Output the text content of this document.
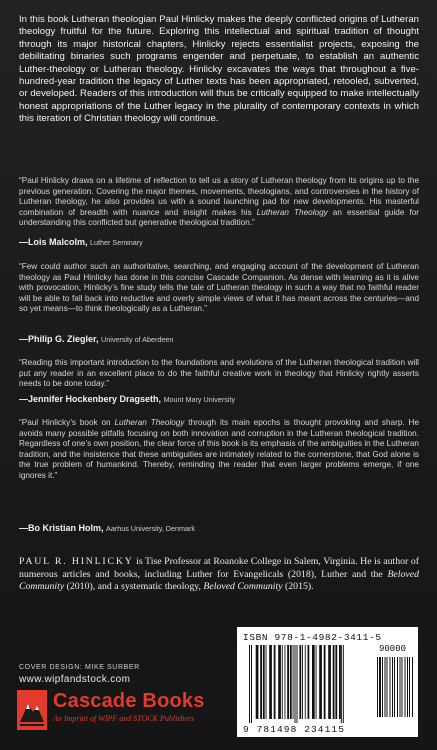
In this book Lutheran theologian Paul Hinlicky makes the deeply conflicted origins of Lutheran theology fruitful for the future. Exploring this intellectual and spiritual tradition of thought through its major historical chapters, Hinlicky rejects essentialist projects, exposing the debilitating binaries such programs engender and perpetuate, to establish an authentic Luther-theology or Lutheran theology. Hinlicky excavates the ways that throughout a five-hundred-year tradition the legacy of Luther texts has been appropriated, retooled, subverted, or developed. Readers of this introduction will thus be critically equipped to make intellectually honest appropriations of the Luther legacy in the plurality of contemporary contexts in which this iteration of Christian theology will continue.

“Paul Hinlicky draws on a lifetime of reflection to tell us a story of Lutheran theology from its origins up to the previous generation. Covering the major themes, movements, theologians, and controversies in the history of Lutheran theology, he also provides us with a sound launching pad for new developments. His masterful combination of breadth with nuance and insight makes his Lutheran Theology an essential guide for understanding this conflicted but generative theological tradition.”

—Lois Malcolm, Luther Seminary

“Few could author such an authoritative, searching, and engaging account of the development of Lutheran theology as Paul Hinlicky has done in this concise Cascade Companion. As dense with learning as it is alive with provocation, Hinlicky’s fine study tells the tale of Lutheran theology in such a way that no faithful reader will be able to fall back into reductive and overly simple views of what it has meant across the centuries—and so yet means—to think theologically as a Lutheran.”

—Philip G. Ziegler, University of Aberdeen

“Reading this important introduction to the foundations and evolutions of the Lutheran theological tradition will put any reader in an excellent place to do the faithful creative work in theology that Hinlicky rightly asserts needs to be done today.”

—Jennifer Hockenbery Dragseth, Mount Mary University

“Paul Hinlicky’s book on Lutheran Theology through its main epochs is thought provoking and sharp. He avoids many possible pitfalls focusing on both innovation and corruption in the Lutheran theological tradition. Regardless of one’s own position, the clear force of this book is its emphasis of the ambiguities in the Lutheran tradition, and the insistence that these ambiguities are intimately related to the cornerstone, that God alone is the true problem of humankind. Thereby, reminding the reader that even larger problems emerge, if one ignores it.”

—Bo Kristian Holm, Aarhus University, Denmark

PAUL R. HINLICKY is Tise Professor at Roanoke College in Salem, Virginia. He is author of numerous articles and books, including Luther for Evangelicals (2018), Luther and the Beloved Community (2010), and a systematic theology, Beloved Community (2015).

COVER DESIGN: MIKE SURBER
www.wipfandstock.com
Cascade Books
An Imprint of WIPF and STOCK Publishers
ISBN 978-1-4982-3411-5
90000
9 781498 234115
